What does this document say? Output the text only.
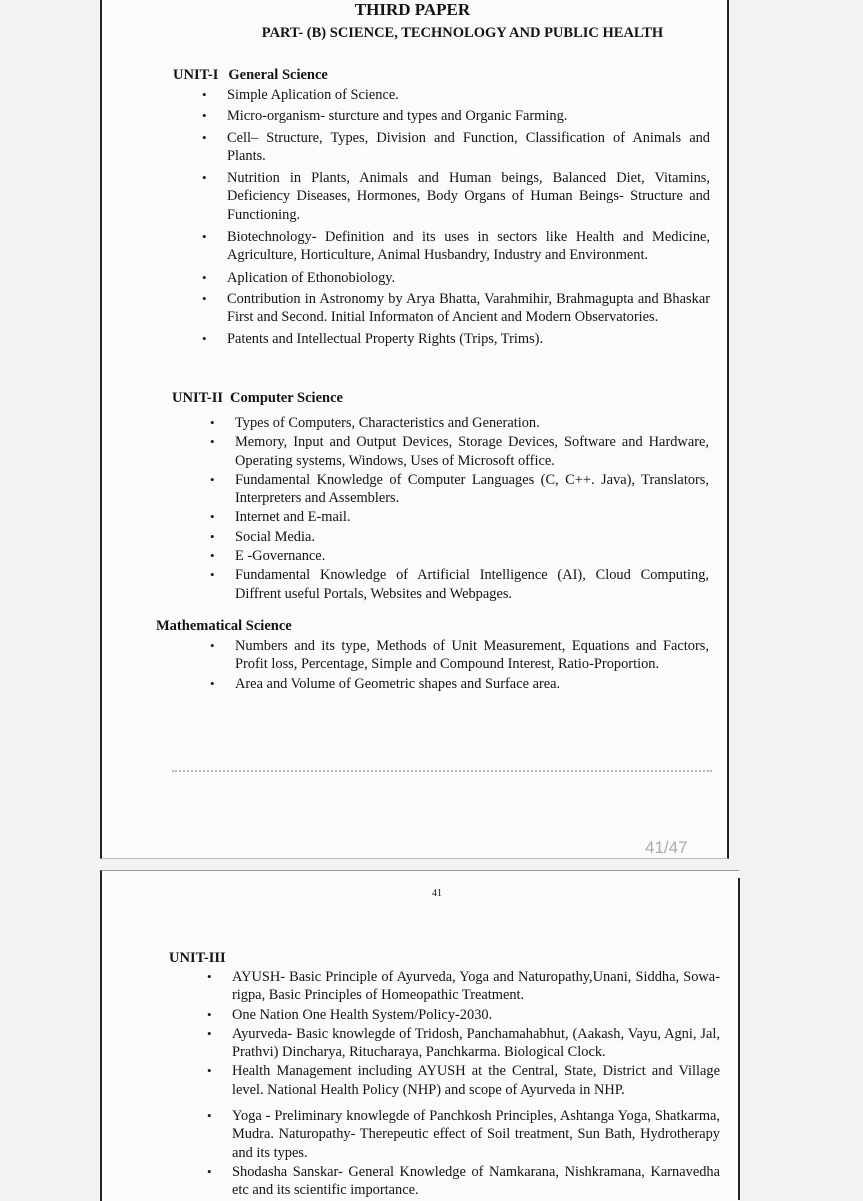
THIRD PAPER
PART- (B) SCIENCE, TECHNOLOGY AND PUBLIC HEALTH
UNIT-I General Science
• Simple Aplication of Science.
• Micro-organism- sturcture and types and Organic Farming.
• Cell– Structure, Types, Division and Function, Classification of Animals and Plants.
• Nutrition in Plants, Animals and Human beings, Balanced Diet, Vitamins, Deficiency Diseases, Hormones, Body Organs of Human Beings- Structure and Functioning.
• Biotechnology- Definition and its uses in sectors like Health and Medicine, Agriculture, Horticulture, Animal Husbandry, Industry and Environment.
• Aplication of Ethonobiology.
• Contribution in Astronomy by Arya Bhatta, Varahmihir, Brahmagupta and Bhaskar First and Second. Initial Informaton of Ancient and Modern Observatories.
• Patents and Intellectual Property Rights (Trips, Trims).
UNIT-II Computer Science
• Types of Computers, Characteristics and Generation.
• Memory, Input and Output Devices, Storage Devices, Software and Hardware, Operating systems, Windows, Uses of Microsoft office.
• Fundamental Knowledge of Computer Languages (C, C++. Java), Translators, Interpreters and Assemblers.
• Internet and E-mail.
• Social Media.
• E -Governance.
• Fundamental Knowledge of Artificial Intelligence (AI), Cloud Computing, Diffrent useful Portals, Websites and Webpages.
Mathematical Science
• Numbers and its type, Methods of Unit Measurement, Equations and Factors, Profit loss, Percentage, Simple and Compound Interest, Ratio-Proportion.
• Area and Volume of Geometric shapes and Surface area.
41/47
41
UNIT-III
• AYUSH- Basic Principle of Ayurveda, Yoga and Naturopathy,Unani, Siddha, Sowa-rigpa, Basic Principles of Homeopathic Treatment.
• One Nation One Health System/Policy-2030.
• Ayurveda- Basic knowlegde of Tridosh, Panchamahabhut, (Aakash, Vayu, Agni, Jal, Prathvi) Dincharya, Ritucharaya, Panchkarma. Biological Clock.
• Health Management including AYUSH at the Central, State, District and Village level. National Health Policy (NHP) and scope of Ayurveda in NHP.
• Yoga - Preliminary knowlegde of Panchkosh Principles, Ashtanga Yoga, Shatkarma, Mudra. Naturopathy- Therepeutic effect of Soil treatment, Sun Bath, Hydrotherapy and its types.
• Shodasha Sanskar- General Knowledge of Namkarana, Nishkramana, Karnavedha etc and its scientific importance.
